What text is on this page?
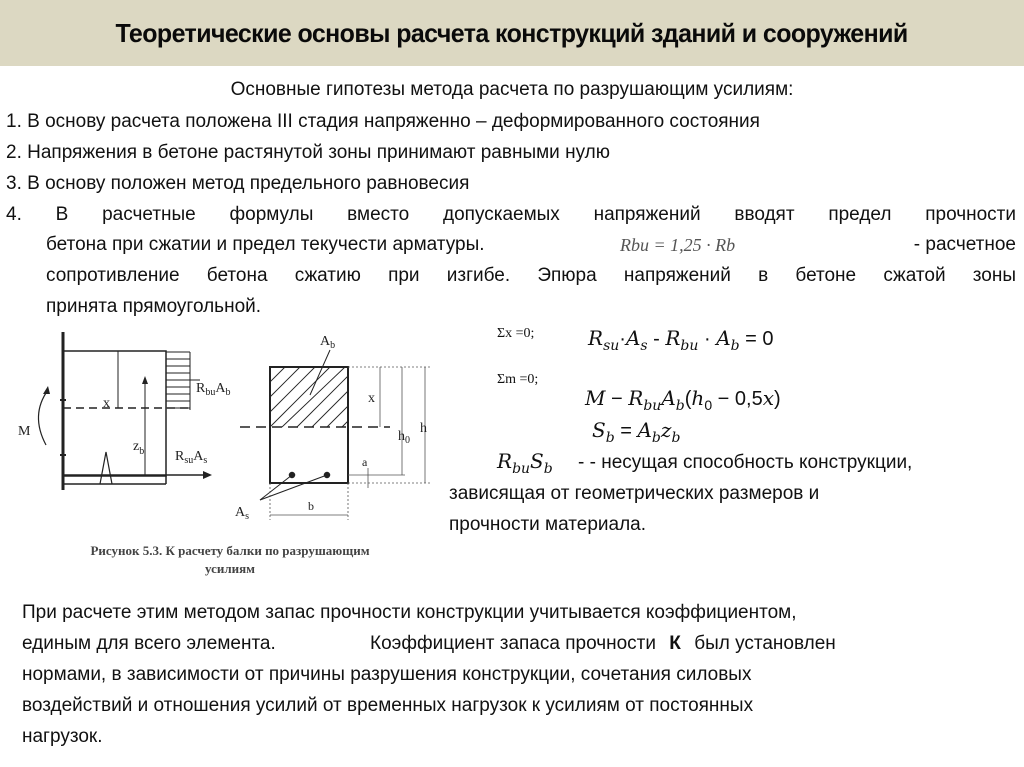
Теоретические основы расчета конструкций зданий и сооружений
Основные гипотезы метода расчета по разрушающим усилиям:
1. В основу расчета положена III стадия напряженно – деформированного состояния
2. Напряжения в бетоне растянутой зоны принимают равными нулю
3. В основу положен метод предельного равновесия
4. В расчетные формулы вместо допускаемых напряжений вводят предел прочности
бетона при сжатии и предел текучести арматуры.	Rbu = 1,25 · Rb	- расчетное
сопротивление бетона сжатию при изгибе. Эпюра напряжений в бетоне сжатой зоны
принята прямоугольной.
M
x
$z_b$
$R_{bu}A_b$
$R_{su}A_s$
$A_b$
x
$h_0$
h
a
b
$A_s$
Рисунок 5.3. К расчету балки по разрушающим
усилиям
Σx =0;	$R_{su}\cdot A_s - R_{bu} \cdot A_b = 0$
Σm =0;
$M - R_{bu}A_b(h_0 - 0,5x)$
$S_b = A_bz_b$
$R_{bu}S_b$ - - несущая способность конструкции,
зависящая от геометрических размеров и
прочности материала.
При расчете этим методом запас прочности конструкции учитывается коэффициентом,
единым для всего элемента.	Коэффициент запаса прочности К был установлен
нормами, в зависимости от причины разрушения конструкции, сочетания силовых
воздействий и отношения усилий от временных нагрузок к усилиям от постоянных
нагрузок.
